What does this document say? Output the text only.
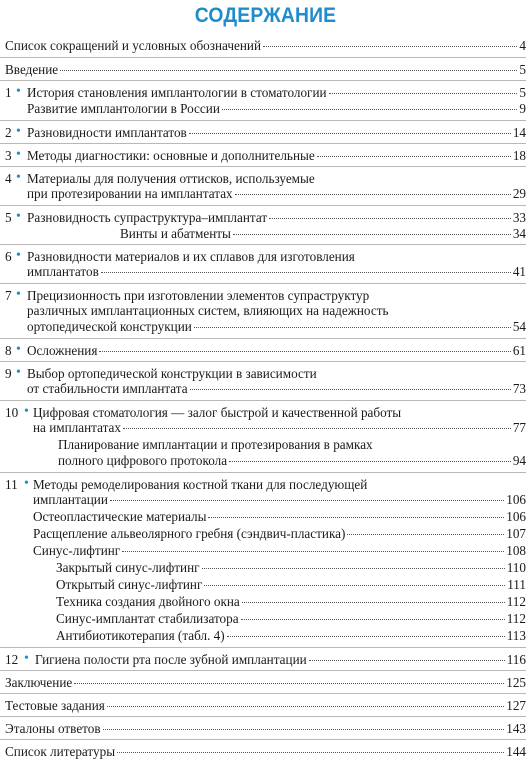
СОДЕРЖАНИЕ
Список сокращений и условных обозначений	4
Введение	5
1 • История становления имплантологии в стоматологии	5
Развитие имплантологии в России	9
2 • Разновидности имплантатов	14
3 • Методы диагностики: основные и дополнительные	18
4 • Материалы для получения оттисков, используемые
при протезировании на имплантатах	29
5 • Разновидность супраструктура–имплантат	33
Винты и абатменты	34
6 • Разновидности материалов и их сплавов для изготовления
имплантатов	41
7 • Прецизионность при изготовлении элементов супраструктур
различных имплантационных систем, влияющих на надежность
ортопедической конструкции	54
8 • Осложнения	61
9 • Выбор ортопедической конструкции в зависимости
от стабильности имплантата	73
10 • Цифровая стоматология — залог быстрой и качественной работы
на имплантатах	77
Планирование имплантации и протезирования в рамках
полного цифрового протокола	94
11 • Методы ремоделирования костной ткани для последующей
имплантации	106
Остеопластические материалы	106
Расщепление альвеолярного гребня (сэндвич-пластика)	107
Синус-лифтинг	108
Закрытый синус-лифтинг	110
Открытый синус-лифтинг	111
Техника создания двойного окна	112
Синус-имплантат стабилизатора	112
Антибиотикотерапия (табл. 4)	113
12 • Гигиена полости рта после зубной имплантации	116
Заключение	125
Тестовые задания	127
Эталоны ответов	143
Список литературы	144
